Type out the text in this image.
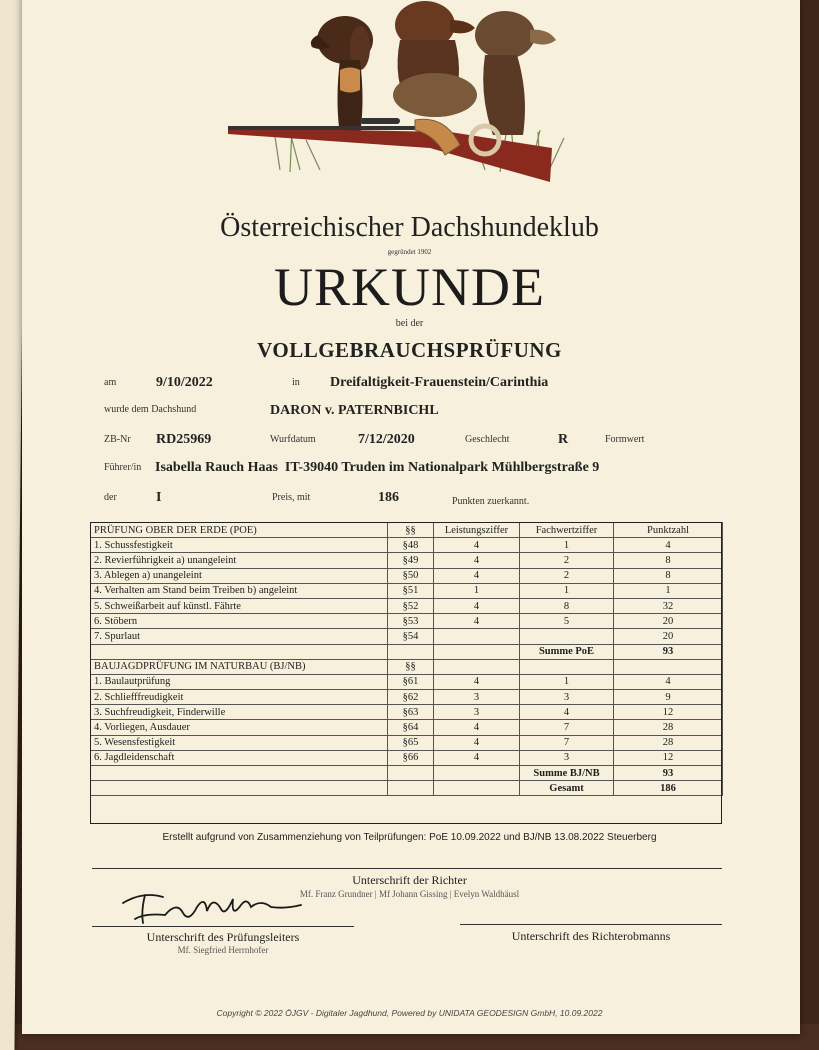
Österreichischer Dachshundeklub
gegründet 1902
URKUNDE
bei der
VOLLGEBRAUCHSPRÜFUNG
am	9/10/2022	in Dreifaltigkeit-Frauenstein/Carinthia
wurde dem Dachshund	DARON v. PATERNBICHL
ZB-Nr RD25969	Wurfdatum	7/12/2020	Geschlecht	R	Formwert
Führer/in Isabella Rauch Haas  IT-39040 Truden im Nationalpark Mühlbergstraße 9
der	I	Preis, mit	186	Punkten zuerkannt.
PRÜFUNG OBER DER ERDE (POE)	§§	Leistungsziffer	Fachwertziffer	Punktzahl
1. Schussfestigkeit	§48	4	1	4
2. Revierführigkeit a) unangeleint	§49	4	2	8
3. Ablegen a) unangeleint	§50	4	2	8
4. Verhalten am Stand beim Treiben b) angeleint	§51	1	1	1
5. Schweißarbeit auf künstl. Fährte	§52	4	8	32
6. Stöbern	§53	4	5	20
7. Spurlaut	§54			20
			Summe PoE	93
BAUJAGDPRÜFUNG IM NATURBAU (BJ/NB)	§§			
1. Baulautprüfung	§61	4	1	4
2. Schliefffreudigkeit	§62	3	3	9
3. Suchfreudigkeit, Finderwille	§63	3	4	12
4. Vorliegen, Ausdauer	§64	4	7	28
5. Wesensfestigkeit	§65	4	7	28
6. Jagdleidenschaft	§66	4	3	12
			Summe BJ/NB	93
			Gesamt	186
Erstellt aufgrund von Zusammenziehung von Teilprüfungen: PoE 10.09.2022 und BJ/NB 13.08.2022 Steuerberg
Unterschrift der Richter
Mf. Franz Grundner | Mf Johann Gissing | Evelyn Waldhäusl
Unterschrift des Prüfungsleiters
Mf. Siegfried Herrnhofer
Unterschrift des Richterobmanns
Copyright © 2022 ÖJGV - Digitaler Jagdhund, Powered by UNIDATA GEODESIGN GmbH, 10.09.2022
